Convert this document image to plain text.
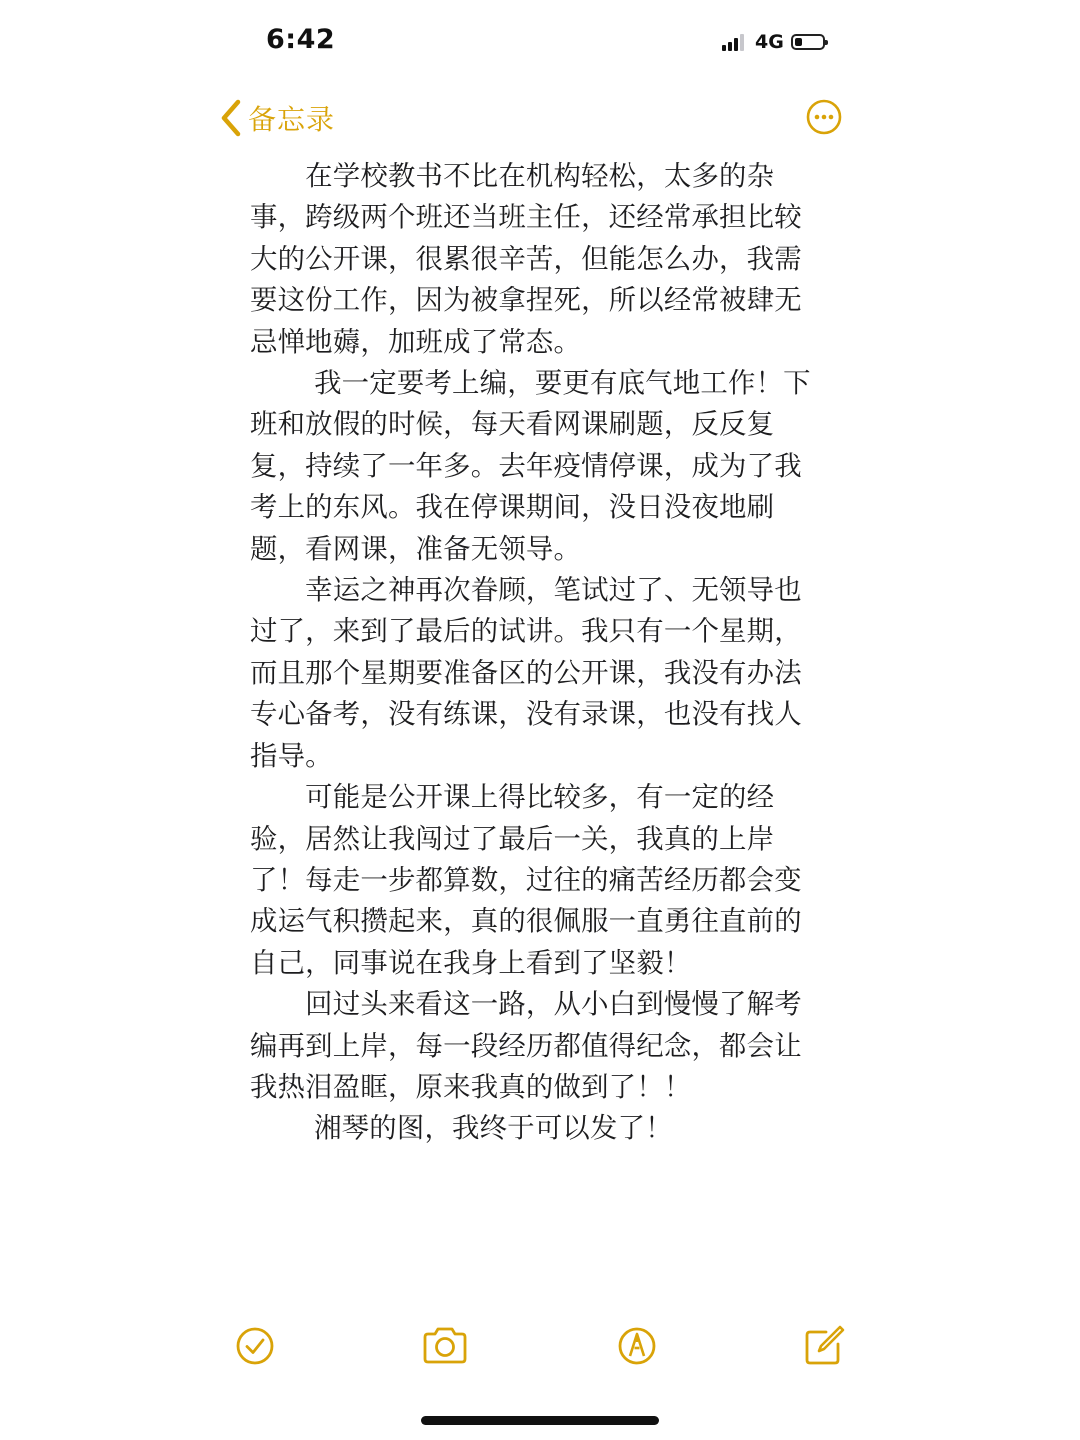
6:42	4G
备忘录

　　在学校教书不比在机构轻松，太多的杂事，跨级两个班还当班主任，还经常承担比较大的公开课，很累很辛苦，但能怎么办，我需要这份工作，因为被拿捏死，所以经常被肆无忌惮地薅，加班成了常态。

　　 我一定要考上编，要更有底气地工作！下班和放假的时候，每天看网课刷题，反反复复，持续了一年多。去年疫情停课，成为了我考上的东风。我在停课期间，没日没夜地刷题，看网课，准备无领导。

　　幸运之神再次眷顾，笔试过了、无领导也过了，来到了最后的试讲。我只有一个星期，而且那个星期要准备区的公开课，我没有办法专心备考，没有练课，没有录课，也没有找人指导。

　　可能是公开课上得比较多，有一定的经验，居然让我闯过了最后一关，我真的上岸了！每走一步都算数，过往的痛苦经历都会变成运气积攒起来，真的很佩服一直勇往直前的自己，同事说在我身上看到了坚毅！

　　回过头来看这一路，从小白到慢慢了解考编再到上岸，每一段经历都值得纪念，都会让我热泪盈眶，原来我真的做到了！！

　　 湘琴的图，我终于可以发了！
